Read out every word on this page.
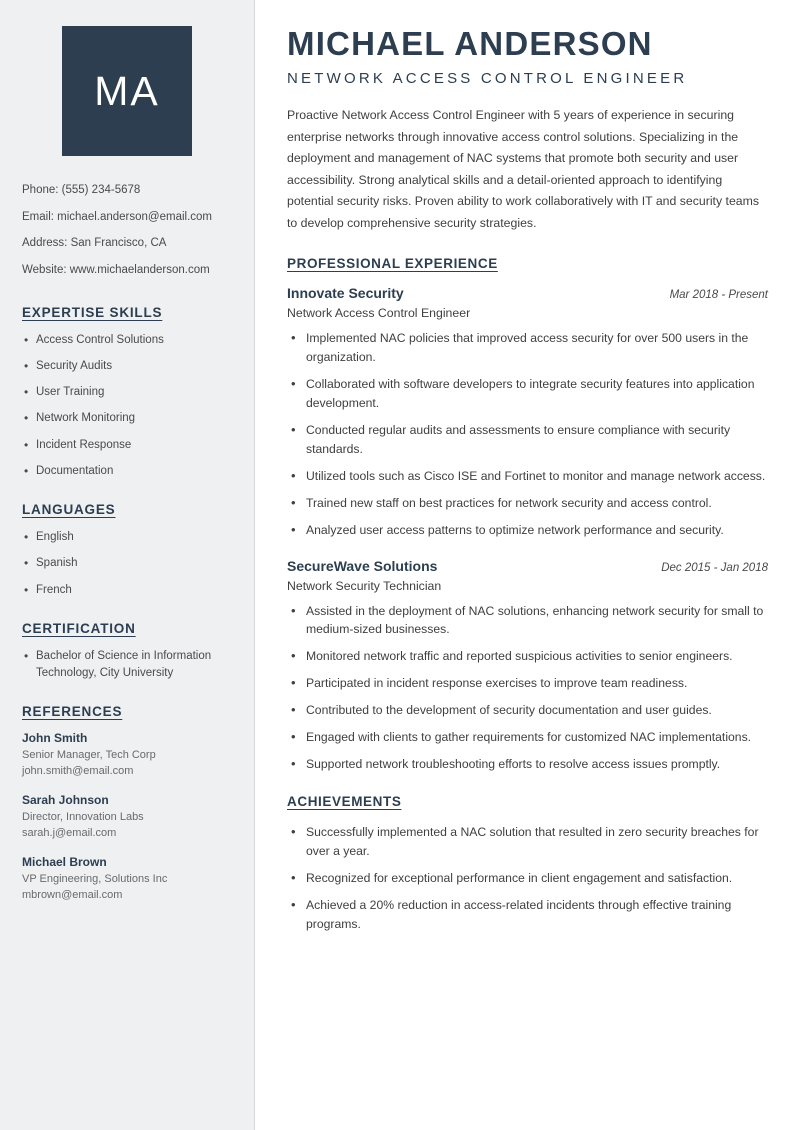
MA
Phone: (555) 234-5678
Email: michael.anderson@email.com
Address: San Francisco, CA
Website: www.michaelanderson.com
EXPERTISE SKILLS
• Access Control Solutions
• Security Audits
• User Training
• Network Monitoring
• Incident Response
• Documentation
LANGUAGES
• English
• Spanish
• French
CERTIFICATION
• Bachelor of Science in Information Technology, City University
REFERENCES
John Smith
Senior Manager, Tech Corp
john.smith@email.com
Sarah Johnson
Director, Innovation Labs
sarah.j@email.com
Michael Brown
VP Engineering, Solutions Inc
mbrown@email.com
MICHAEL ANDERSON
NETWORK ACCESS CONTROL ENGINEER

Proactive Network Access Control Engineer with 5 years of experience in securing enterprise networks through innovative access control solutions. Specializing in the deployment and management of NAC systems that promote both security and user accessibility. Strong analytical skills and a detail-oriented approach to identifying potential security risks. Proven ability to work collaboratively with IT and security teams to develop comprehensive security strategies.

PROFESSIONAL EXPERIENCE
Innovate Security	Mar 2018 - Present
Network Access Control Engineer
• Implemented NAC policies that improved access security for over 500 users in the organization.
• Collaborated with software developers to integrate security features into application development.
• Conducted regular audits and assessments to ensure compliance with security standards.
• Utilized tools such as Cisco ISE and Fortinet to monitor and manage network access.
• Trained new staff on best practices for network security and access control.
• Analyzed user access patterns to optimize network performance and security.
SecureWave Solutions	Dec 2015 - Jan 2018
Network Security Technician
• Assisted in the deployment of NAC solutions, enhancing network security for small to medium-sized businesses.
• Monitored network traffic and reported suspicious activities to senior engineers.
• Participated in incident response exercises to improve team readiness.
• Contributed to the development of security documentation and user guides.
• Engaged with clients to gather requirements for customized NAC implementations.
• Supported network troubleshooting efforts to resolve access issues promptly.
ACHIEVEMENTS
• Successfully implemented a NAC solution that resulted in zero security breaches for over a year.
• Recognized for exceptional performance in client engagement and satisfaction.
• Achieved a 20% reduction in access-related incidents through effective training programs.
